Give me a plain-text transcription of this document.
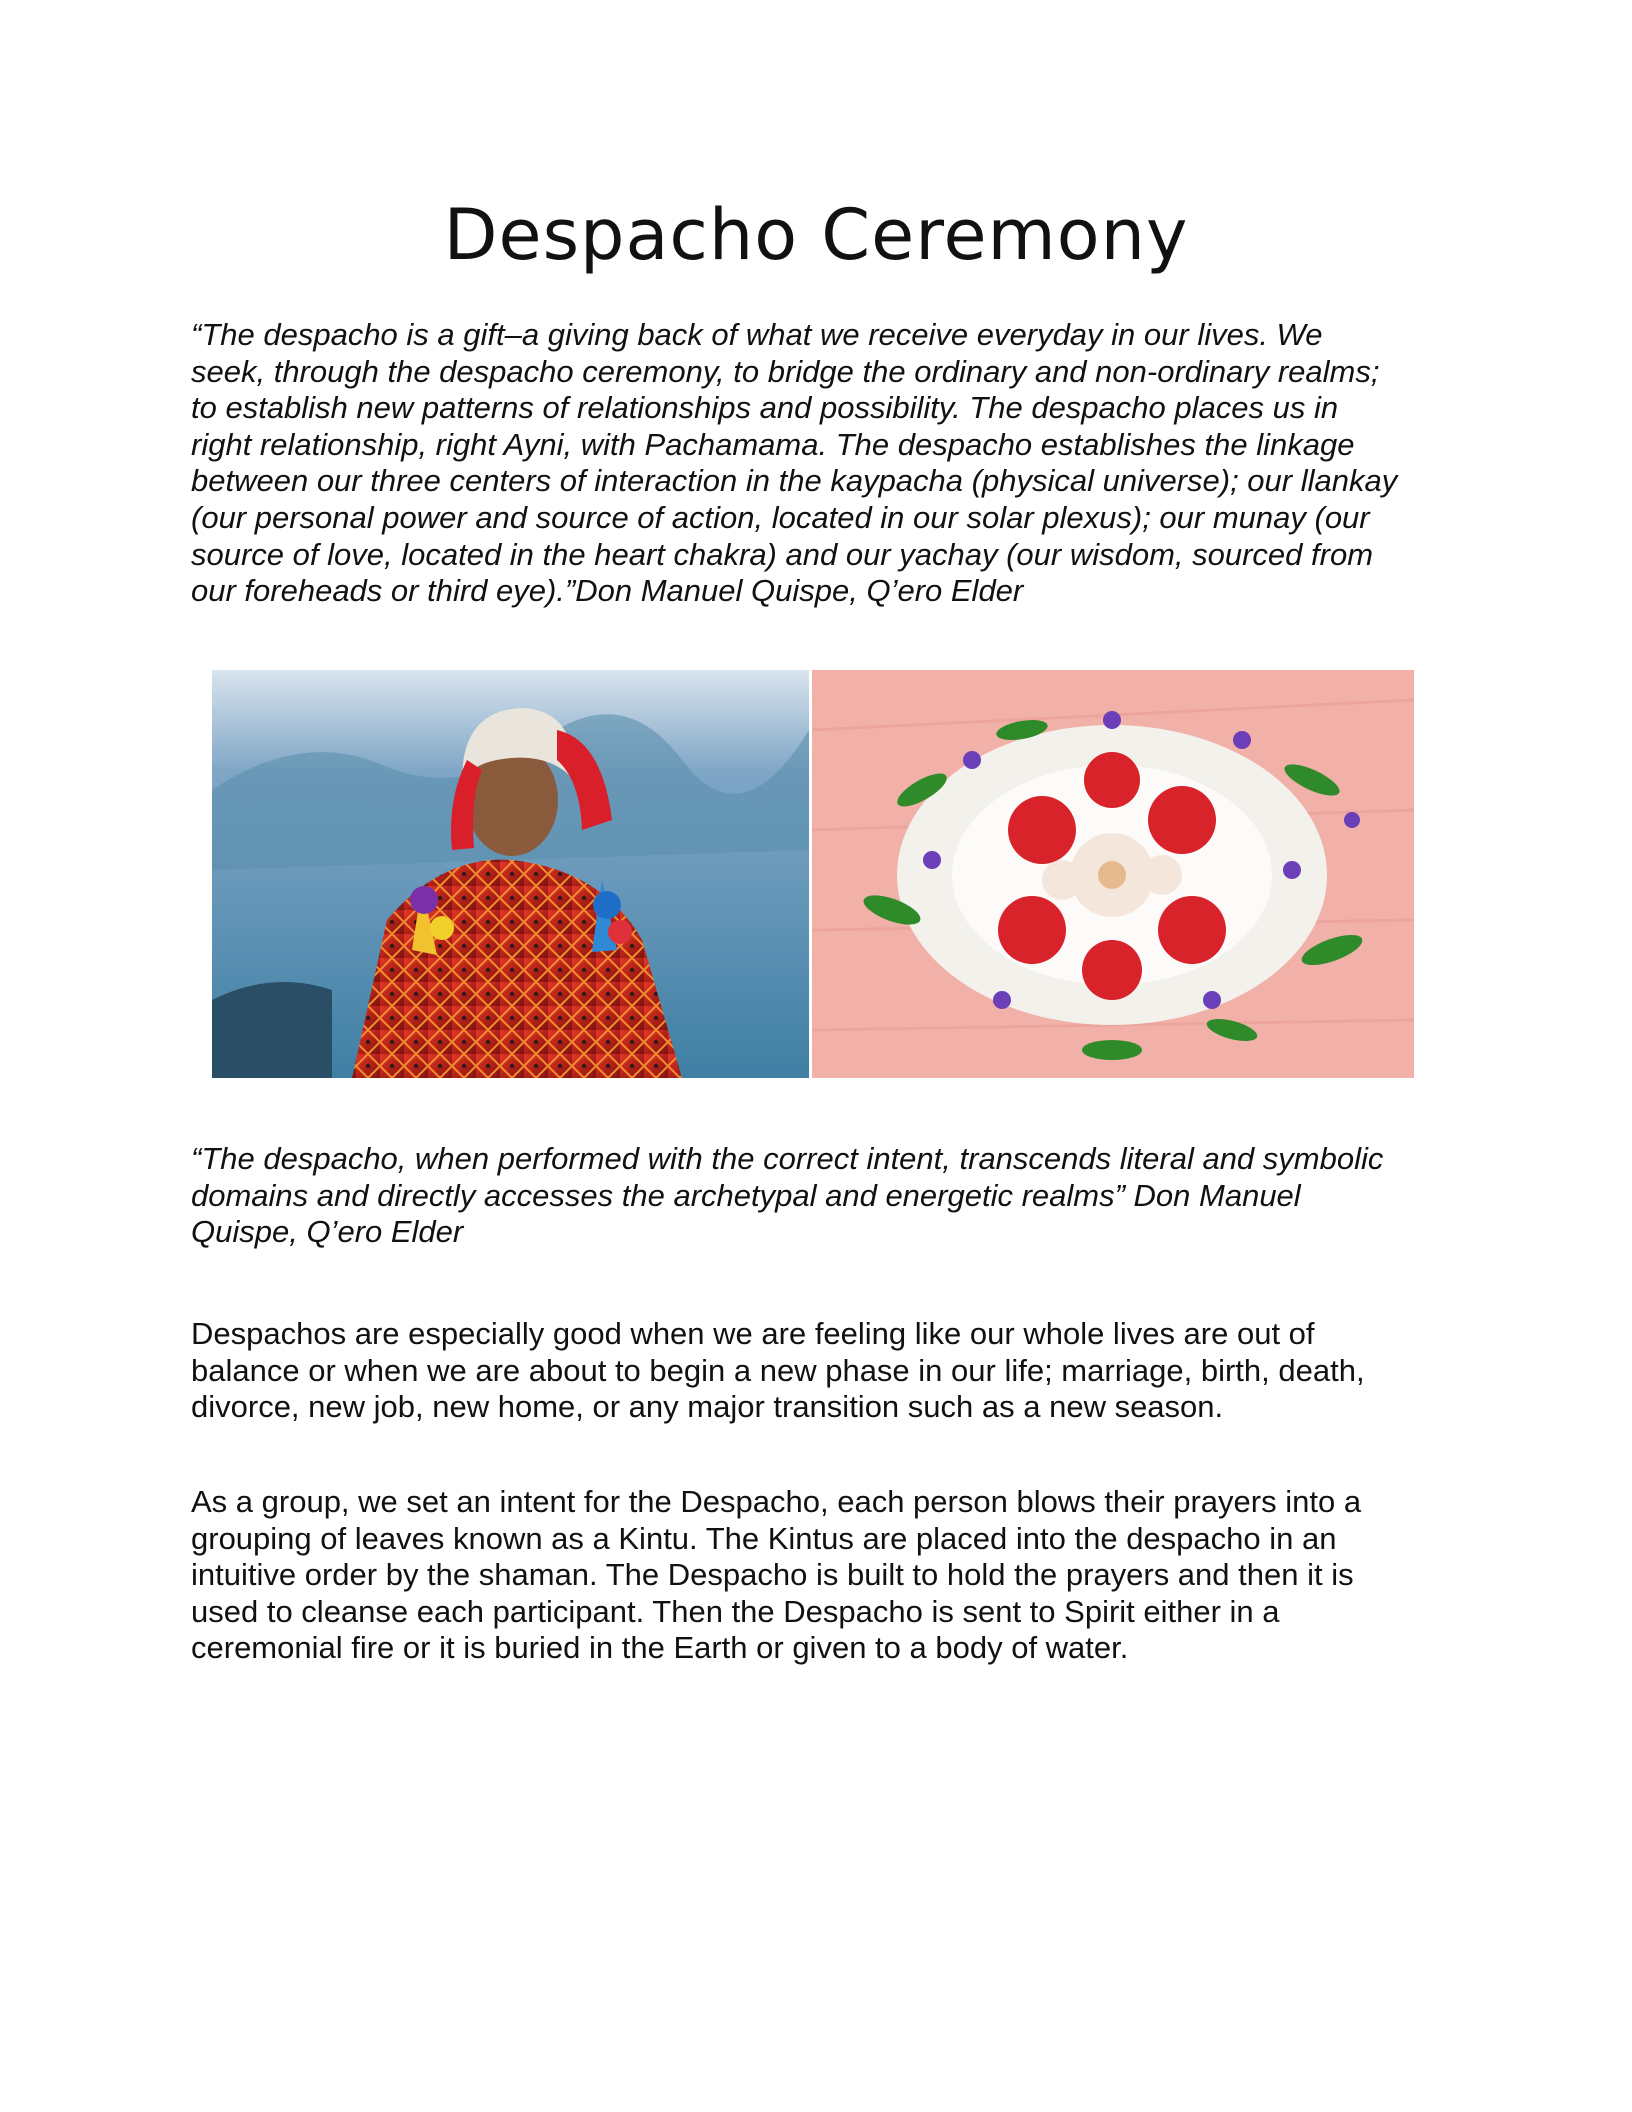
Despacho Ceremony
“The despacho is a gift–a giving back of what we receive everyday in our lives. We
seek, through the despacho ceremony, to bridge the ordinary and non-ordinary realms;
to establish new patterns of relationships and possibility. The despacho places us in
right relationship, right Ayni, with Pachamama. The despacho establishes the linkage
between our three centers of interaction in the kaypacha (physical universe); our llankay
(our personal power and source of action, located in our solar plexus); our munay (our
source of love, located in the heart chakra) and our yachay (our wisdom, sourced from
our foreheads or third eye).”Don Manuel Quispe, Q’ero Elder
“The despacho, when performed with the correct intent, transcends literal and symbolic
domains and directly accesses the archetypal and energetic realms” Don Manuel
Quispe, Q’ero Elder
Despachos are especially good when we are feeling like our whole lives are out of
balance or when we are about to begin a new phase in our life; marriage, birth, death,
divorce, new job, new home, or any major transition such as a new season.
As a group, we set an intent for the Despacho, each person blows their prayers into a
grouping of leaves known as a Kintu. The Kintus are placed into the despacho in an
intuitive order by the shaman. The Despacho is built to hold the prayers and then it is
used to cleanse each participant. Then the Despacho is sent to Spirit either in a
ceremonial fire or it is buried in the Earth or given to a body of water.
